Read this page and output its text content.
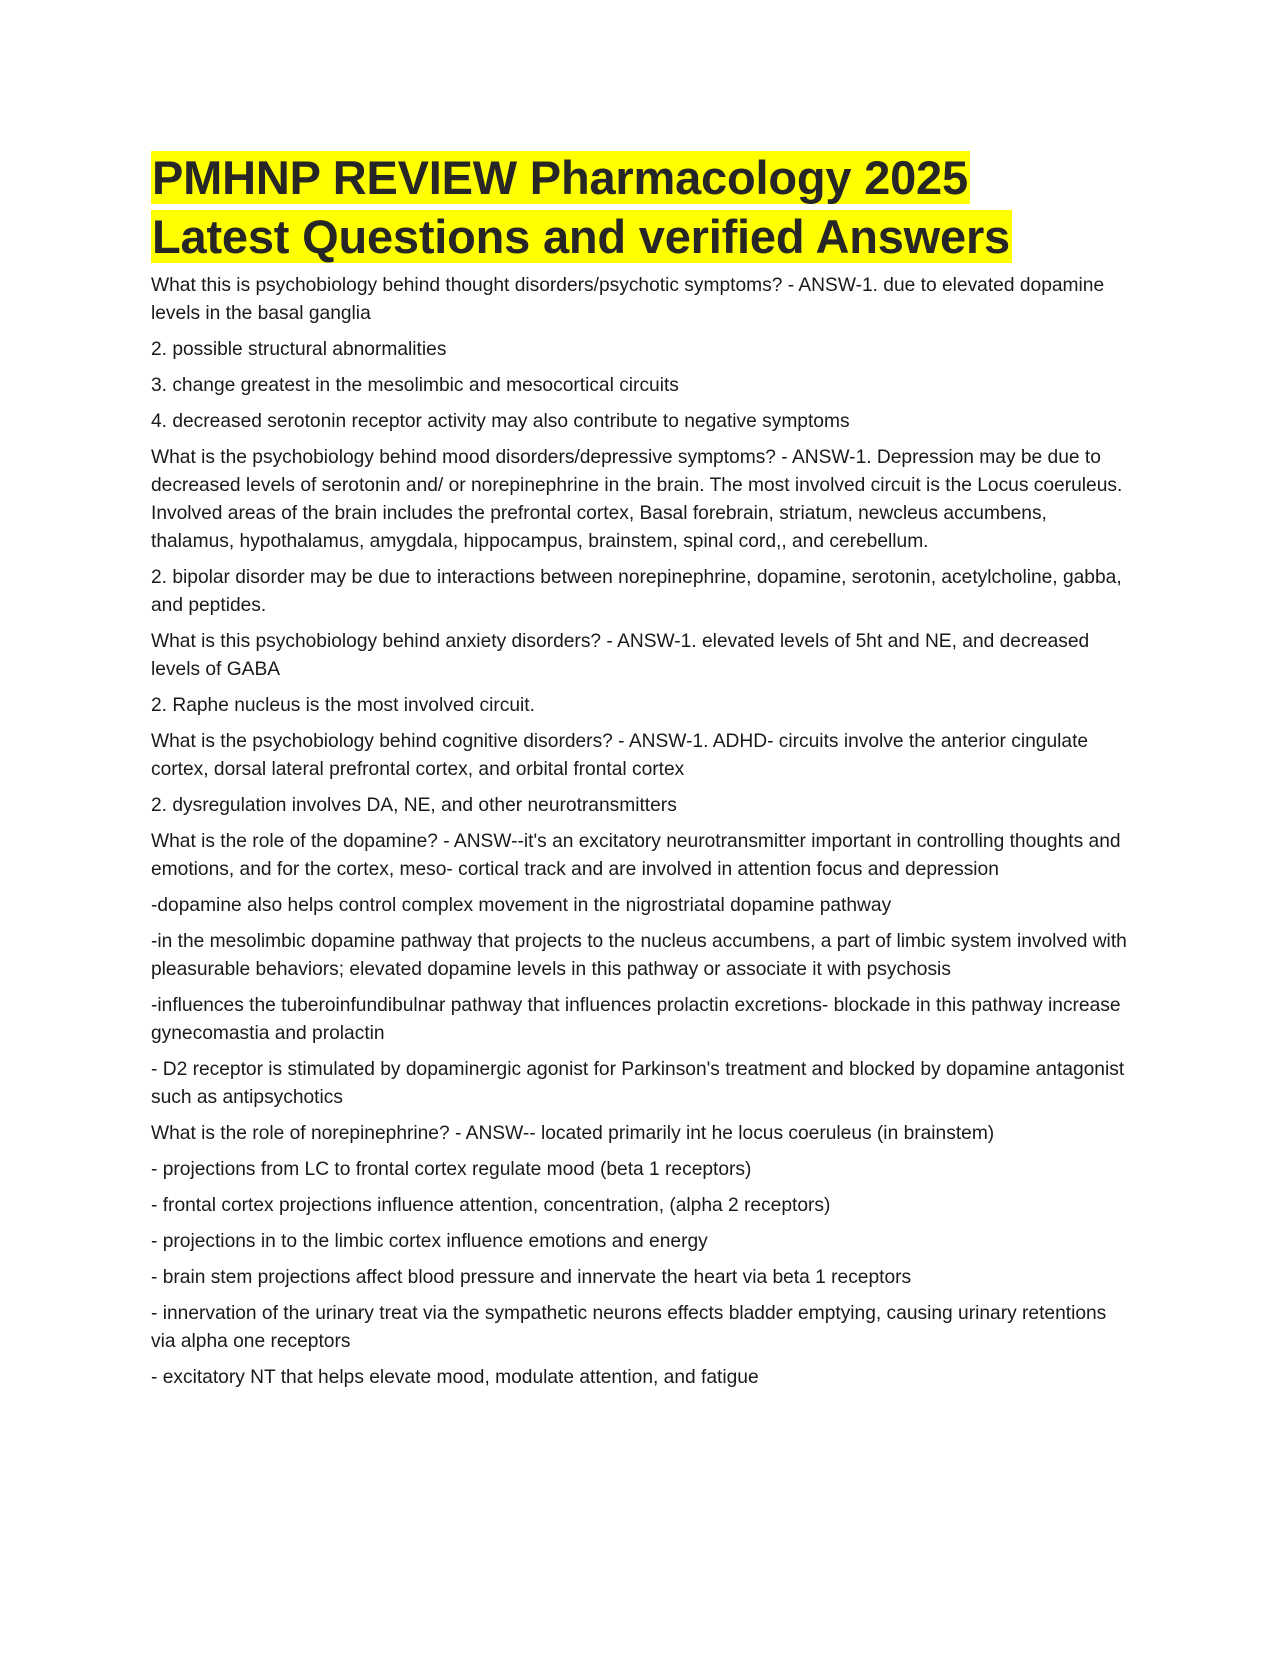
PMHNP REVIEW Pharmacology 2025
Latest Questions and verified Answers

What this is psychobiology behind thought disorders/psychotic symptoms? - ANSW-1. due to elevated dopamine levels in the basal ganglia

2. possible structural abnormalities

3. change greatest in the mesolimbic and mesocortical circuits

4. decreased serotonin receptor activity may also contribute to negative symptoms

What is the psychobiology behind mood disorders/depressive symptoms? - ANSW-1. Depression may be due to decreased levels of serotonin and/ or norepinephrine in the brain. The most involved circuit is the Locus coeruleus. Involved areas of the brain includes the prefrontal cortex, Basal forebrain, striatum, newcleus accumbens, thalamus, hypothalamus, amygdala, hippocampus, brainstem, spinal cord,, and cerebellum.

2. bipolar disorder may be due to interactions between norepinephrine, dopamine, serotonin, acetylcholine, gabba, and peptides.

What is this psychobiology behind anxiety disorders? - ANSW-1. elevated levels of 5ht and NE, and decreased levels of GABA

2. Raphe nucleus is the most involved circuit.

What is the psychobiology behind cognitive disorders? - ANSW-1. ADHD- circuits involve the anterior cingulate cortex, dorsal lateral prefrontal cortex, and orbital frontal cortex

2. dysregulation involves DA, NE, and other neurotransmitters

What is the role of the dopamine? - ANSW--it's an excitatory neurotransmitter important in controlling thoughts and emotions, and for the cortex, meso- cortical track and are involved in attention focus and depression

-dopamine also helps control complex movement in the nigrostriatal dopamine pathway

-in the mesolimbic dopamine pathway that projects to the nucleus accumbens, a part of limbic system involved with pleasurable behaviors; elevated dopamine levels in this pathway or associate it with psychosis

-influences the tuberoinfundibulnar pathway that influences prolactin excretions- blockade in this pathway increase gynecomastia and prolactin

- D2 receptor is stimulated by dopaminergic agonist for Parkinson's treatment and blocked by dopamine antagonist such as antipsychotics

What is the role of norepinephrine? - ANSW-- located primarily int he locus coeruleus (in brainstem)

- projections from LC to frontal cortex regulate mood (beta 1 receptors)

- frontal cortex projections influence attention, concentration, (alpha 2 receptors)

- projections in to the limbic cortex influence emotions and energy

- brain stem projections affect blood pressure and innervate the heart via beta 1 receptors

- innervation of the urinary treat via the sympathetic neurons effects bladder emptying, causing urinary retentions via alpha one receptors

- excitatory NT that helps elevate mood, modulate attention, and fatigue
